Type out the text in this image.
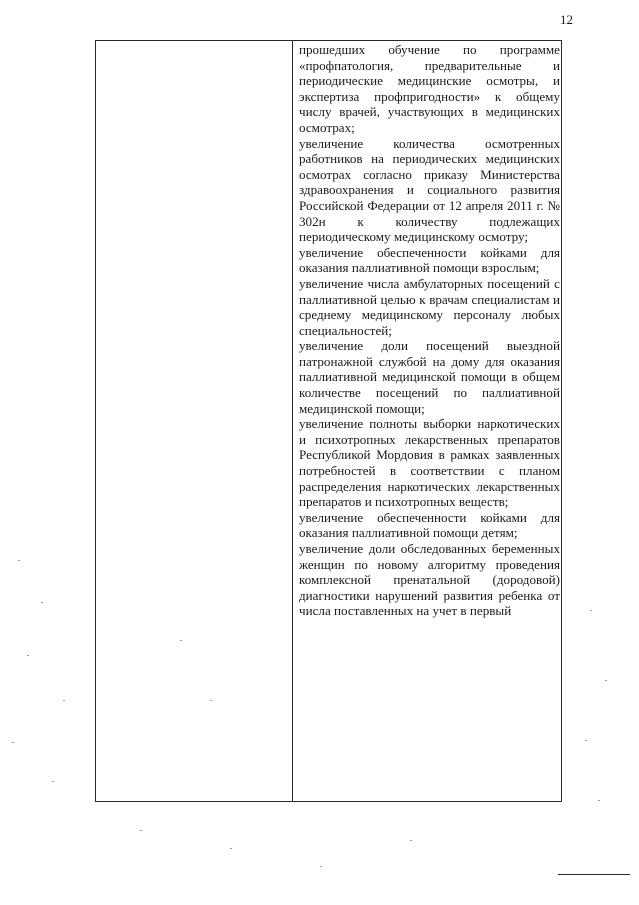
12

прошедших обучение по программе «профпатология, предварительные и периодические медицинские осмотры, и экспертиза профпригодности» к общему числу врачей, участвующих в медицинских осмотрах;

увеличение количества осмотренных работников на периодических медицинских осмотрах согласно приказу Министерства здравоохранения и социального развития Российской Федерации от 12 апреля 2011 г. № 302н к количеству подлежащих периодическому медицинскому осмотру;

увеличение обеспеченности койками для оказания паллиативной помощи взрослым;

увеличение числа амбулаторных посещений с паллиативной целью к врачам специалистам и среднему медицинскому персоналу любых специальностей;

увеличение доли посещений выездной патронажной службой на дому для оказания паллиативной медицинской помощи в общем количестве посещений по паллиативной медицинской помощи;

увеличение полноты выборки наркотических и психотропных лекарственных препаратов Республикой Мордовия в рамках заявленных потребностей в соответствии с планом распределения наркотических лекарственных препаратов и психотропных веществ;

увеличение обеспеченности койками для оказания паллиативной помощи детям;

увеличение доли обследованных беременных женщин по новому алгоритму проведения комплексной пренатальной (дородовой) диагностики нарушений развития ребенка от числа поставленных на учет в первый
